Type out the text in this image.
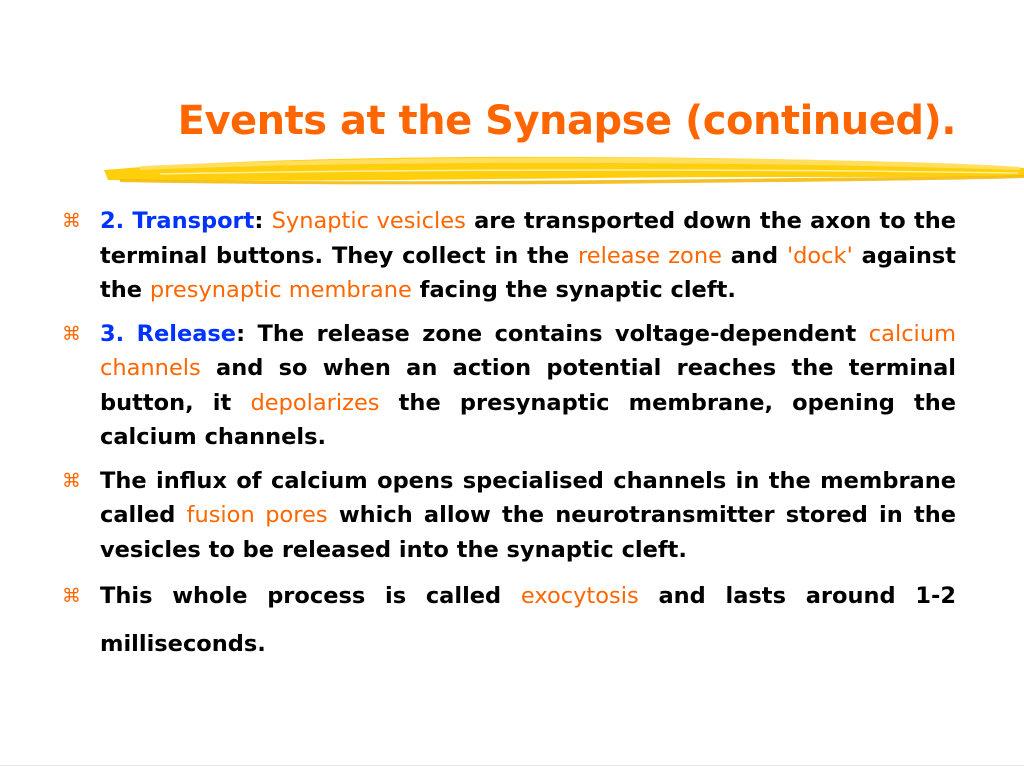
Events at the Synapse (continued).
⌘ 2. Transport: Synaptic vesicles are transported down the axon to the terminal buttons. They collect in the release zone and 'dock' against the presynaptic membrane facing the synaptic cleft.
⌘ 3. Release: The release zone contains voltage-dependent calcium channels and so when an action potential reaches the terminal button, it depolarizes the presynaptic membrane, opening the calcium channels.
⌘ The influx of calcium opens specialised channels in the membrane called fusion pores which allow the neurotransmitter stored in the vesicles to be released into the synaptic cleft.
⌘ This whole process is called exocytosis and lasts around 1-2 milliseconds.
